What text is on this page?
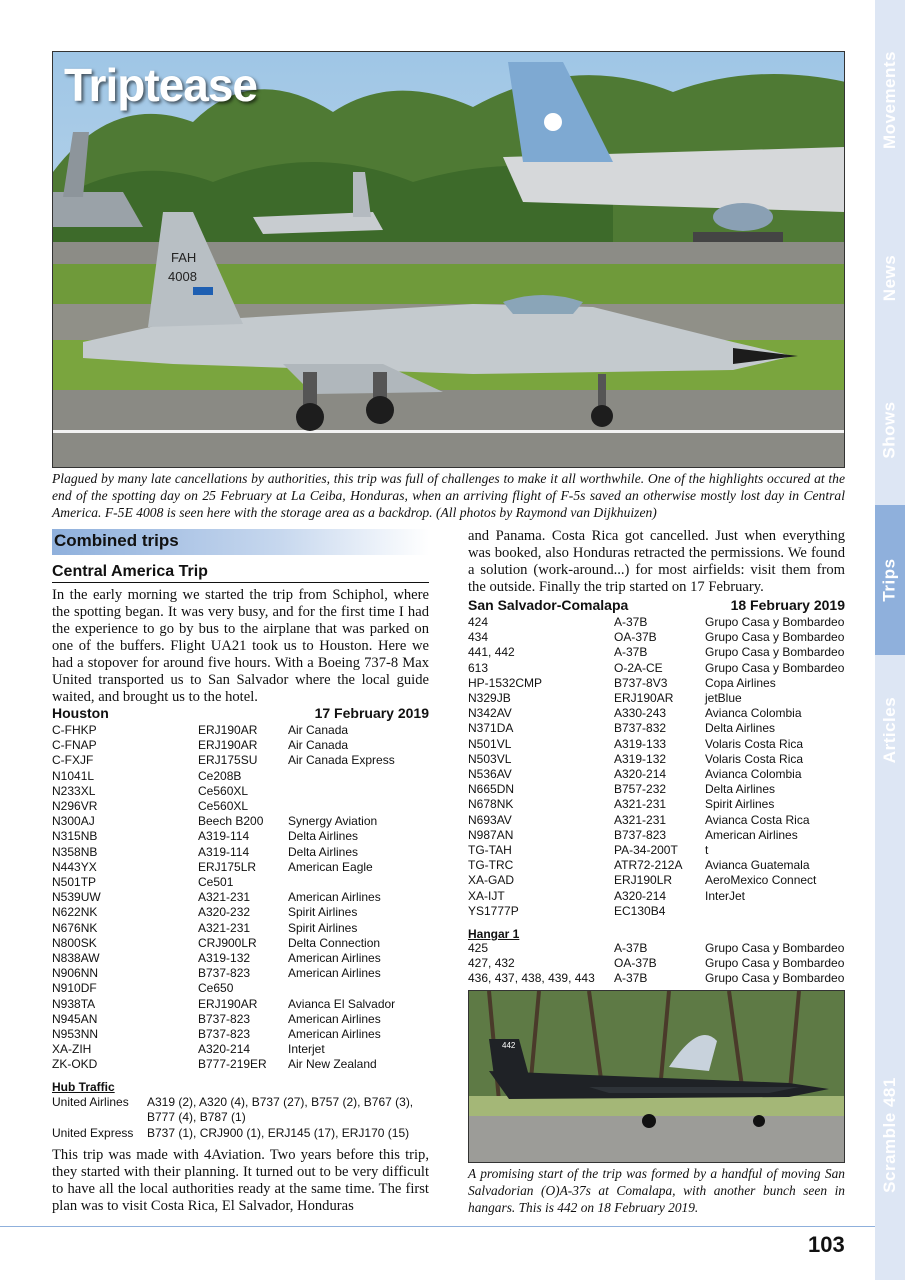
Movements
News
Shows
Trips
Articles
Scramble 481
FAH
4008
Triptease
Plagued by many late cancellations by authorities, this trip was full of challenges to make it all worthwhile. One of the highlights occured at the end of the spotting day on 25 February at La Ceiba, Honduras, when an arriving flight of F-5s saved an otherwise mostly lost day in Central America. F-5E 4008 is seen here with the storage area as a backdrop. (All photos by Raymond van Dijkhuizen)
Combined trips
Central America Trip
In the early morning we started the trip from Schiphol, where the spotting began. It was very busy, and for the first time I had the experience to go by bus to the airplane that was parked on one of the buffers. Flight UA21 took us to Houston. Here we had a stopover for around five hours. With a Boeing 737-8 Max United transported us to San Salvador where the local guide waited, and brought us to the hotel.
Houston	17 February 2019
C-FHKP	ERJ190AR	Air Canada
C-FNAP	ERJ190AR	Air Canada
C-FXJF	ERJ175SU	Air Canada Express
N1041L	Ce208B	
N233XL	Ce560XL	
N296VR	Ce560XL	
N300AJ	Beech B200	Synergy Aviation
N315NB	A319-114	Delta Airlines
N358NB	A319-114	Delta Airlines
N443YX	ERJ175LR	American Eagle
N501TP	Ce501	
N539UW	A321-231	American Airlines
N622NK	A320-232	Spirit Airlines
N676NK	A321-231	Spirit Airlines
N800SK	CRJ900LR	Delta Connection
N838AW	A319-132	American Airlines
N906NN	B737-823	American Airlines
N910DF	Ce650	
N938TA	ERJ190AR	Avianca El Salvador
N945AN	B737-823	American Airlines
N953NN	B737-823	American Airlines
XA-ZIH	A320-214	Interjet
ZK-OKD	B777-219ER	Air New Zealand
Hub Traffic
United Airlines	A319 (2), A320 (4), B737 (27), B757 (2), B767 (3), B777 (4), B787 (1)
United Express	B737 (1), CRJ900 (1), ERJ145 (17), ERJ170 (15)
This trip was made with 4Aviation. Two years before this trip, they started with their planning. It turned out to be very difficult to have all the local authorities ready at the same time. The first plan was to visit Costa Rica, El Salvador, Honduras
and Panama. Costa Rica got cancelled. Just when everything was booked, also Honduras retracted the permissions. We found a solution (work-around...) for most airfields: visit them from the outside. Finally the trip started on 17 February.
San Salvador-Comalapa	18 February 2019
424	A-37B	Grupo Casa y Bombardeo
434	OA-37B	Grupo Casa y Bombardeo
441, 442	A-37B	Grupo Casa y Bombardeo
613	O-2A-CE	Grupo Casa y Bombardeo
HP-1532CMP	B737-8V3	Copa Airlines
N329JB	ERJ190AR	jetBlue
N342AV	A330-243	Avianca Colombia
N371DA	B737-832	Delta Airlines
N501VL	A319-133	Volaris Costa Rica
N503VL	A319-132	Volaris Costa Rica
N536AV	A320-214	Avianca Colombia
N665DN	B757-232	Delta Airlines
N678NK	A321-231	Spirit Airlines
N693AV	A321-231	Avianca Costa Rica
N987AN	B737-823	American Airlines
TG-TAH	PA-34-200T	t
TG-TRC	ATR72-212A	Avianca Guatemala
XA-GAD	ERJ190LR	AeroMexico Connect
XA-IJT	A320-214	InterJet
YS1777P	EC130B4	
Hangar 1
425	A-37B	Grupo Casa y Bombardeo
427, 432	OA-37B	Grupo Casa y Bombardeo
436, 437, 438, 439, 443	A-37B	Grupo Casa y Bombardeo
442
A promising start of the trip was formed by a handful of moving San Salvadorian (O)A-37s at Comalapa, with another bunch seen in hangars. This is 442 on 18 February 2019.
103
